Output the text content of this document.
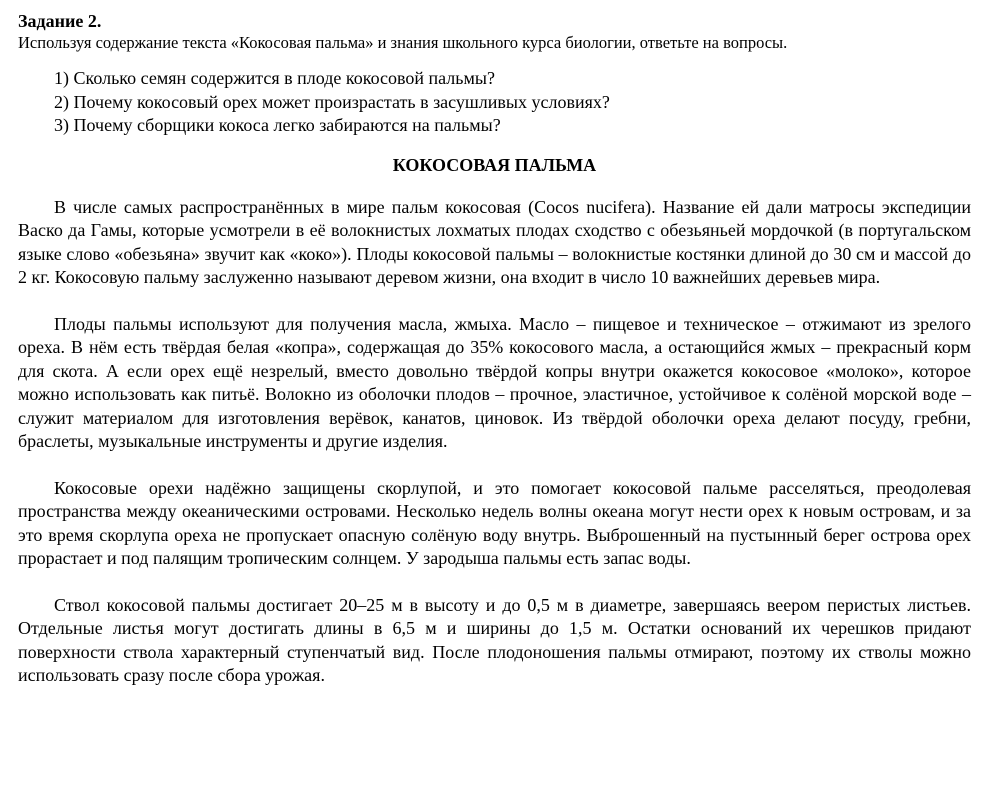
Задание 2.
Используя содержание текста «Кокосовая пальма» и знания школьного курса биологии, ответьте на вопросы.
1) Сколько семян содержится в плоде кокосовой пальмы?
2) Почему кокосовый орех может произрастать в засушливых условиях?
3) Почему сборщики кокоса легко забираются на пальмы?
КОКОСОВАЯ ПАЛЬМА

В числе самых распространённых в мире пальм кокосовая (Cocos nucifera). Название ей дали матросы экспедиции Васко да Гамы, которые усмотрели в её волокнистых лохматых плодах сходство с обезьяньей мордочкой (в португальском языке слово «обезьяна» звучит как «коко»). Плоды кокосовой пальмы – волокнистые костянки длиной до 30 см и массой до 2 кг. Кокосовую пальму заслуженно называют деревом жизни, она входит в число 10 важнейших деревьев мира.

Плоды пальмы используют для получения масла, жмыха. Масло – пищевое и техническое – отжимают из зрелого ореха. В нём есть твёрдая белая «копра», содержащая до 35% кокосового масла, а остающийся жмых – прекрасный корм для скота. А если орех ещё незрелый, вместо довольно твёрдой копры внутри окажется кокосовое «молоко», которое можно использовать как питьё. Волокно из оболочки плодов – прочное, эластичное, устойчивое к солёной морской воде – служит материалом для изготовления верёвок, канатов, циновок. Из твёрдой оболочки ореха делают посуду, гребни, браслеты, музыкальные инструменты и другие изделия.

Кокосовые орехи надёжно защищены скорлупой, и это помогает кокосовой пальме расселяться, преодолевая пространства между океаническими островами. Несколько недель волны океана могут нести орех к новым островам, и за это время скорлупа ореха не пропускает опасную солёную воду внутрь. Выброшенный на пустынный берег острова орех прорастает и под палящим тропическим солнцем. У зародыша пальмы есть запас воды.

Ствол кокосовой пальмы достигает 20–25 м в высоту и до 0,5 м в диаметре, завершаясь веером перистых листьев. Отдельные листья могут достигать длины в 6,5 м и ширины до 1,5 м. Остатки оснований их черешков придают поверхности ствола характерный ступенчатый вид. После плодоношения пальмы отмирают, поэтому их стволы можно использовать сразу после сбора урожая.
